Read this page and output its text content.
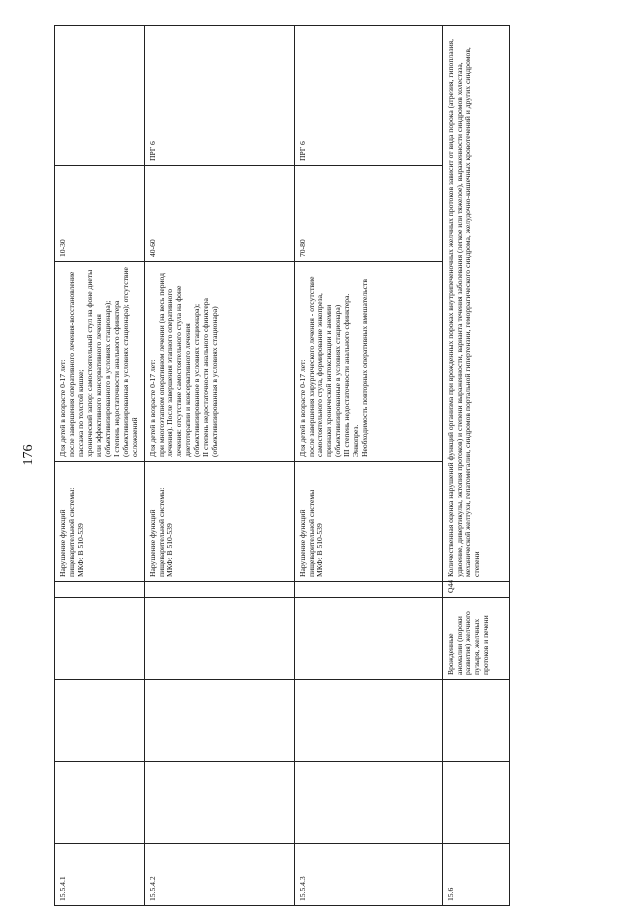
176
15.5.4.1					Нарушение функций пищеварительной системы:
МКФ: B 510-539	Для детей в возрасте 0-17 лет:
после завершения оперативного лечения-восстановление пассажа по толстой кишке;
хронический запор: самостоятельный стул на фоне диеты или эффективного консервативного лечения (объективизированного в условиях стационара);
I степень недостаточности анального сфинктера (объективизированная в условиях стационара); отсутствие осложнений	10-30	
15.5.4.2					Нарушение функций пищеварительной системы:
МКФ: B 510-539	Для детей в возрасте 0-17 лет:
при многоэтапном оперативном лечении (на весь период лечения). После завершения этапного оперативного лечения: отсутствие самостоятельного стула на фоне диетотерапии и консервативного лечения (объективизированное в условиях стационара);
II степень недостаточности анального сфинктера (объективизированная в условиях стационара)	40-60	ПРГ 6
15.5.4.3					Нарушение функций пищеварительной системы
МКФ: B 510-539	Для детей в возрасте 0-17 лет:
после завершения хирургического лечения - отсутствие самостоятельного стула, формирование энкопреза, признаки хронической интоксикации и анемии (объективизированные в условиях стационара)
III степень недостаточности анального сфинктера.
Энкопрез.
Необходимость повторных оперативных вмешательств	70-80	ПРГ 6
15.6			Врожденные аномалии (пороки развития) желчного пузыря, желчных протоков и печени	Q44	Количественная оценка нарушений функций организма при врожденных пороках внутрипеченочных желчных протоков зависит от вида порока (атрезия, гипоплазия, удвоение, дивертикулы, эктопия протоков) и степени выраженности, варианта течения заболевания (легкое или тяжелое), выраженности синдромов холестаза, механической желтухи, гепатомегалии, синдромов портальной гипертензии, геморрагического синдрома, желудочно-кишечных кровотечений и других синдромов, степени			
